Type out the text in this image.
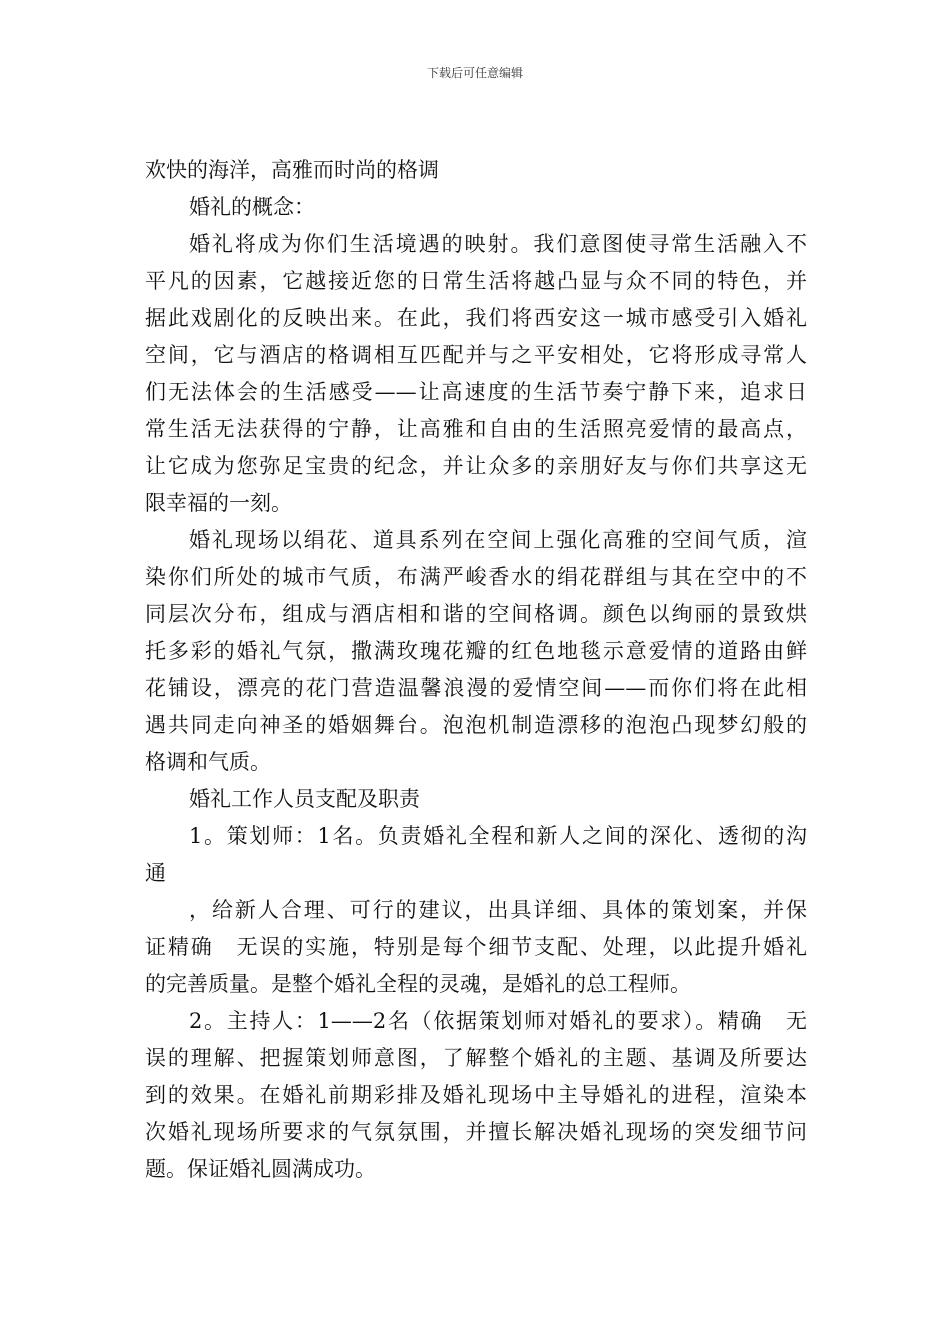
下载后可任意编辑
欢快的海洋，高雅而时尚的格调
婚礼的概念：
婚礼将成为你们生活境遇的映射。我们意图使寻常生活融入不
平凡的因素，它越接近您的日常生活将越凸显与众不同的特色，并
据此戏剧化的反映出来。在此，我们将西安这一城市感受引入婚礼
空间，它与酒店的格调相互匹配并与之平安相处，它将形成寻常人
们无法体会的生活感受——让高速度的生活节奏宁静下来，追求日
常生活无法获得的宁静，让高雅和自由的生活照亮爱情的最高点，
让它成为您弥足宝贵的纪念，并让众多的亲朋好友与你们共享这无
限幸福的一刻。
婚礼现场以绢花、道具系列在空间上强化高雅的空间气质，渲
染你们所处的城市气质，布满严峻香水的绢花群组与其在空中的不
同层次分布，组成与酒店相和谐的空间格调。颜色以绚丽的景致烘
托多彩的婚礼气氛，撒满玫瑰花瓣的红色地毯示意爱情的道路由鲜
花铺设，漂亮的花门营造温馨浪漫的爱情空间——而你们将在此相
遇共同走向神圣的婚姻舞台。泡泡机制造漂移的泡泡凸现梦幻般的
格调和气质。
婚礼工作人员支配及职责
1。策划师：1名。负责婚礼全程和新人之间的深化、透彻的沟
通
，给新人合理、可行的建议，出具详细、具体的策划案，并保
证精确　无误的实施，特别是每个细节支配、处理，以此提升婚礼
的完善质量。是整个婚礼全程的灵魂，是婚礼的总工程师。
2。主持人：1——2名（依据策划师对婚礼的要求）。精确　无
误的理解、把握策划师意图，了解整个婚礼的主题、基调及所要达
到的效果。在婚礼前期彩排及婚礼现场中主导婚礼的进程，渲染本
次婚礼现场所要求的气氛氛围，并擅长解决婚礼现场的突发细节问
题。保证婚礼圆满成功。
